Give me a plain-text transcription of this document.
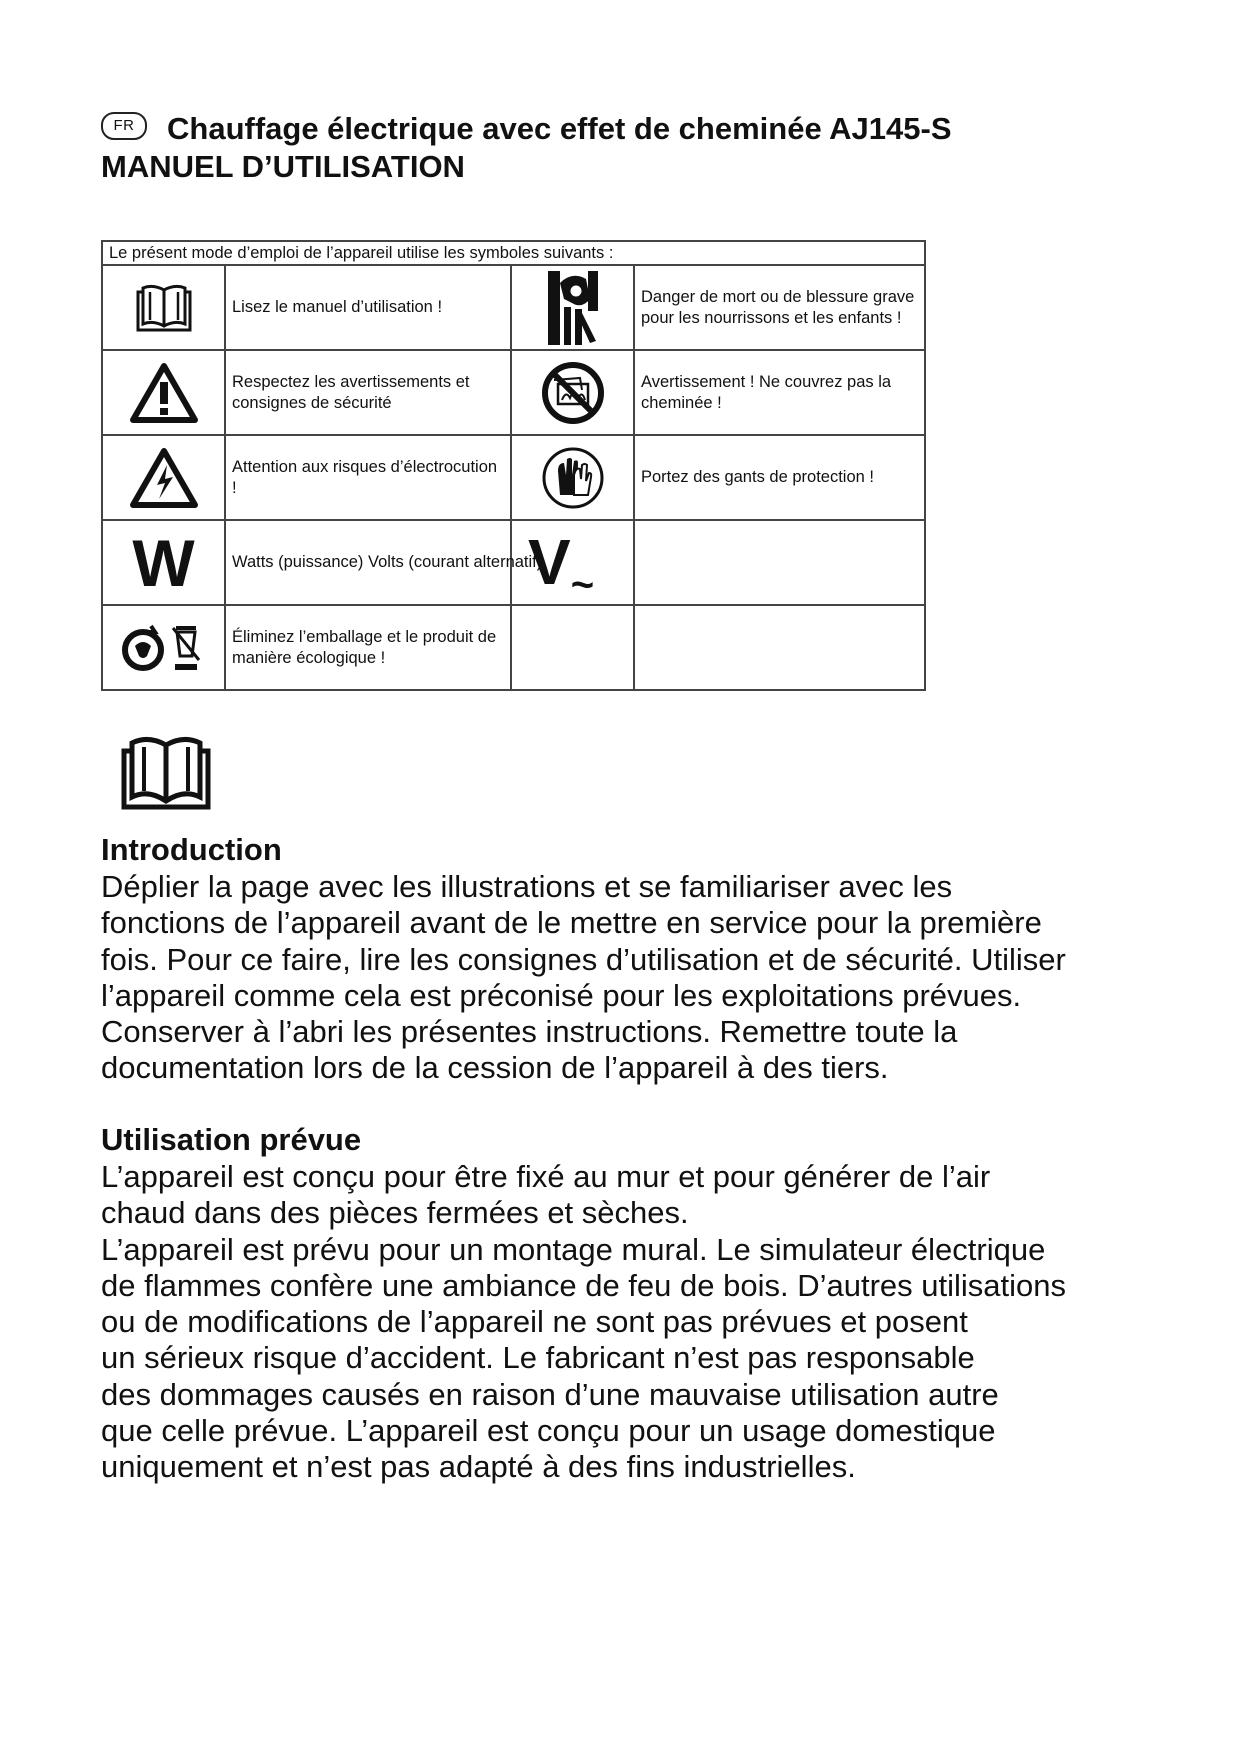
FR	Chauffage électrique avec effet de cheminée AJ145-S
MANUEL D’UTILISATION
Le présent mode d’emploi de l’appareil utilise les symboles suivants :			

	Lisez le manuel d’utilisation !		Danger de mort ou de blessure grave pour les nourrissons et les enfants !

	Respectez les avertissements et consignes de sécurité		Avertissement ! Ne couvrez pas la cheminée !

	Attention aux risques d’électrocution !		Portez des gants de protection !
W	Watts (puissance) Volts (courant alternatif)	V~	

	Éliminez l’emballage et le produit de manière écologique !		
Introduction

Déplier la page avec les illustrations et se familiariser avec les
fonctions de l’appareil avant de le mettre en service pour la première
fois. Pour ce faire, lire les consignes d’utilisation et de sécurité. Utiliser
l’appareil comme cela est préconisé pour les exploitations prévues.
Conserver à l’abri les présentes instructions. Remettre toute la
documentation lors de la cession de l’appareil à des tiers.

Utilisation prévue

L’appareil est conçu pour être fixé au mur et pour générer de l’air
chaud dans des pièces fermées et sèches.
L’appareil est prévu pour un montage mural. Le simulateur électrique
de flammes confère une ambiance de feu de bois. D’autres utilisations
ou de modifications de l’appareil ne sont pas prévues et posent
un sérieux risque d’accident. Le fabricant n’est pas responsable
des dommages causés en raison d’une mauvaise utilisation autre
que celle prévue. L’appareil est conçu pour un usage domestique
uniquement et n’est pas adapté à des fins industrielles.
